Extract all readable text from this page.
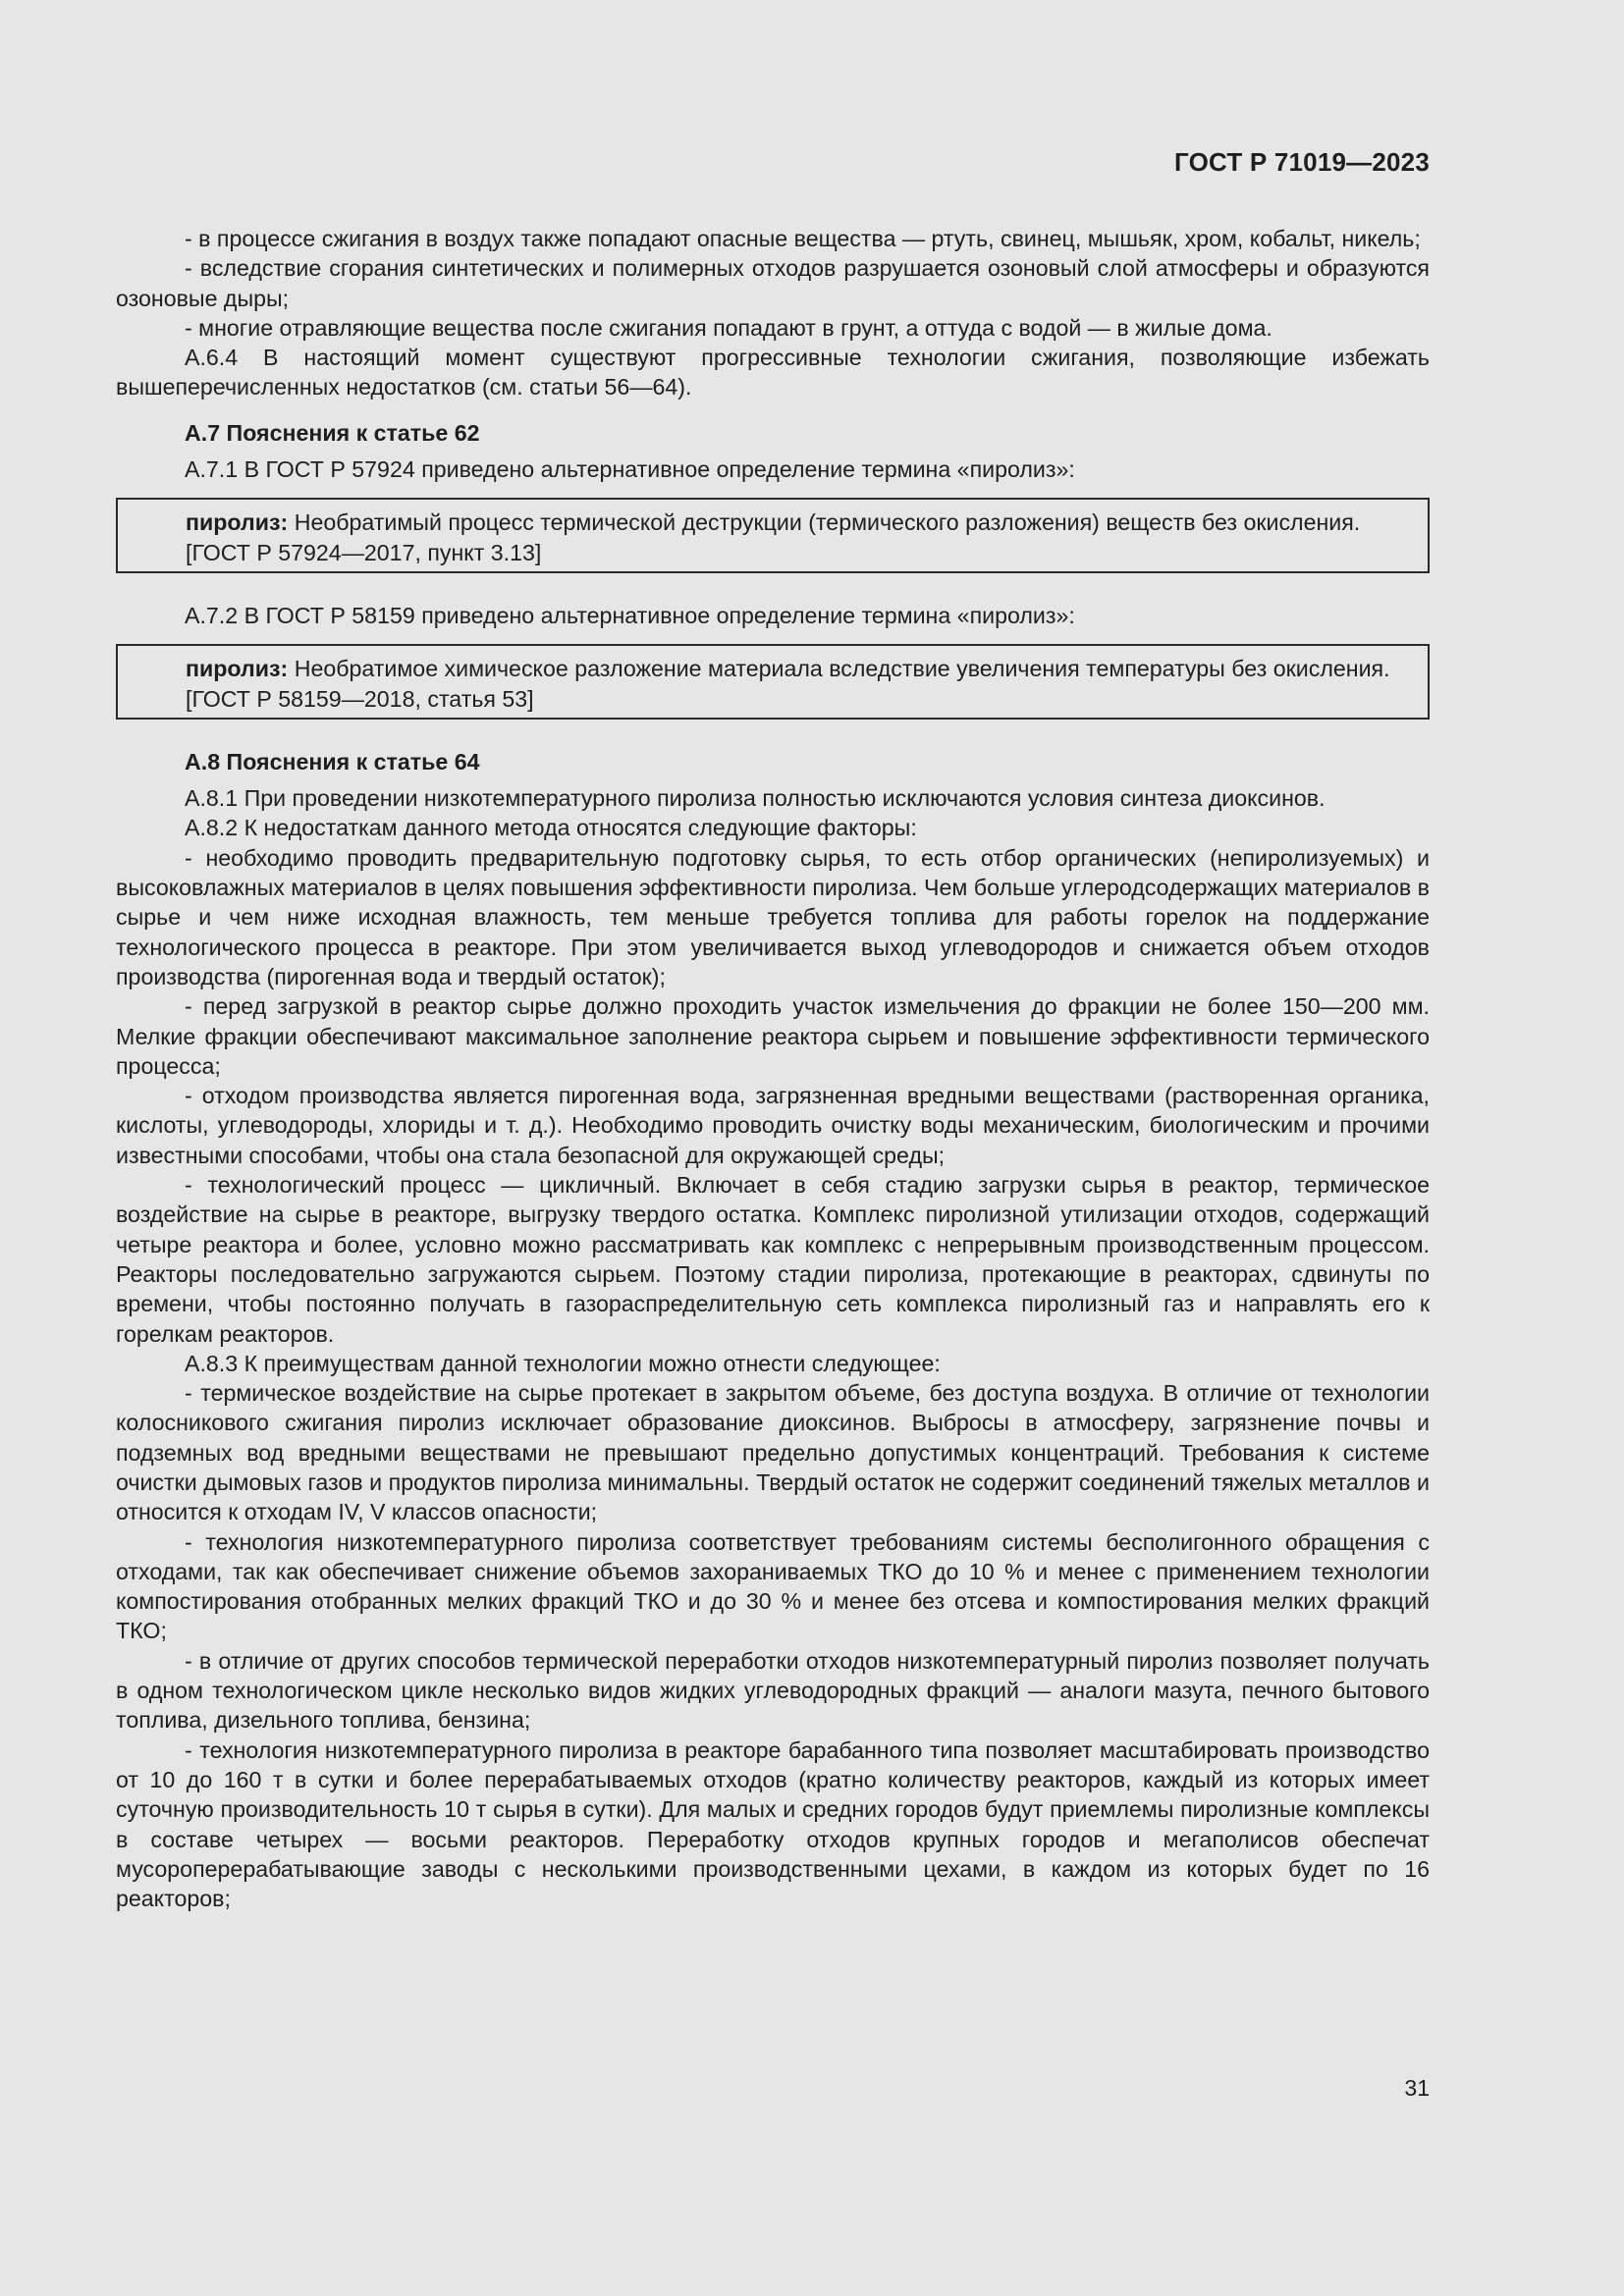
ГОСТ Р 71019—2023

- в процессе сжигания в воздух также попадают опасные вещества — ртуть, свинец, мышьяк, хром, кобальт, никель;

- вследствие сгорания синтетических и полимерных отходов разрушается озоновый слой атмосферы и образуются озоновые дыры;

- многие отравляющие вещества после сжигания попадают в грунт, а оттуда с водой — в жилые дома.

А.6.4 В настоящий момент существуют прогрессивные технологии сжигания, позволяющие избежать вышеперечисленных недостатков (см. статьи 56—64).

А.7 Пояснения к статье 62

А.7.1 В ГОСТ Р 57924 приведено альтернативное определение термина «пиролиз»:

пиролиз: Необратимый процесс термической деструкции (термического разложения) веществ без окисления.

[ГОСТ Р 57924—2017, пункт 3.13]

А.7.2 В ГОСТ Р 58159 приведено альтернативное определение термина «пиролиз»:

пиролиз: Необратимое химическое разложение материала вследствие увеличения температуры без окисления.

[ГОСТ Р 58159—2018, статья 53]

А.8 Пояснения к статье 64

А.8.1 При проведении низкотемпературного пиролиза полностью исключаются условия синтеза диоксинов.

А.8.2 К недостаткам данного метода относятся следующие факторы:

- необходимо проводить предварительную подготовку сырья, то есть отбор органических (непиролизуемых) и высоковлажных материалов в целях повышения эффективности пиролиза. Чем больше углеродсодержащих материалов в сырье и чем ниже исходная влажность, тем меньше требуется топлива для работы горелок на поддержание технологического процесса в реакторе. При этом увеличивается выход углеводородов и снижается объем отходов производства (пирогенная вода и твердый остаток);

- перед загрузкой в реактор сырье должно проходить участок измельчения до фракции не более 150—200 мм. Мелкие фракции обеспечивают максимальное заполнение реактора сырьем и повышение эффективности термического процесса;

- отходом производства является пирогенная вода, загрязненная вредными веществами (растворенная органика, кислоты, углеводороды, хлориды и т. д.). Необходимо проводить очистку воды механическим, биологическим и прочими известными способами, чтобы она стала безопасной для окружающей среды;

- технологический процесс — цикличный. Включает в себя стадию загрузки сырья в реактор, термическое воздействие на сырье в реакторе, выгрузку твердого остатка. Комплекс пиролизной утилизации отходов, содержащий четыре реактора и более, условно можно рассматривать как комплекс с непрерывным производственным процессом. Реакторы последовательно загружаются сырьем. Поэтому стадии пиролиза, протекающие в реакторах, сдвинуты по времени, чтобы постоянно получать в газораспределительную сеть комплекса пиролизный газ и направлять его к горелкам реакторов.

А.8.3 К преимуществам данной технологии можно отнести следующее:

- термическое воздействие на сырье протекает в закрытом объеме, без доступа воздуха. В отличие от технологии колосникового сжигания пиролиз исключает образование диоксинов. Выбросы в атмосферу, загрязнение почвы и подземных вод вредными веществами не превышают предельно допустимых концентраций. Требования к системе очистки дымовых газов и продуктов пиролиза минимальны. Твердый остаток не содержит соединений тяжелых металлов и относится к отходам IV, V классов опасности;

- технология низкотемпературного пиролиза соответствует требованиям системы бесполигонного обращения с отходами, так как обеспечивает снижение объемов захораниваемых ТКО до 10 % и менее с применением технологии компостирования отобранных мелких фракций ТКО и до 30 % и менее без отсева и компостирования мелких фракций ТКО;

- в отличие от других способов термической переработки отходов низкотемпературный пиролиз позволяет получать в одном технологическом цикле несколько видов жидких углеводородных фракций — аналоги мазута, печного бытового топлива, дизельного топлива, бензина;

- технология низкотемпературного пиролиза в реакторе барабанного типа позволяет масштабировать производство от 10 до 160 т в сутки и более перерабатываемых отходов (кратно количеству реакторов, каждый из которых имеет суточную производительность 10 т сырья в сутки). Для малых и средних городов будут приемлемы пиролизные комплексы в составе четырех — восьми реакторов. Переработку отходов крупных городов и мегаполисов обеспечат мусороперерабатывающие заводы с несколькими производственными цехами, в каждом из которых будет по 16 реакторов;

31
